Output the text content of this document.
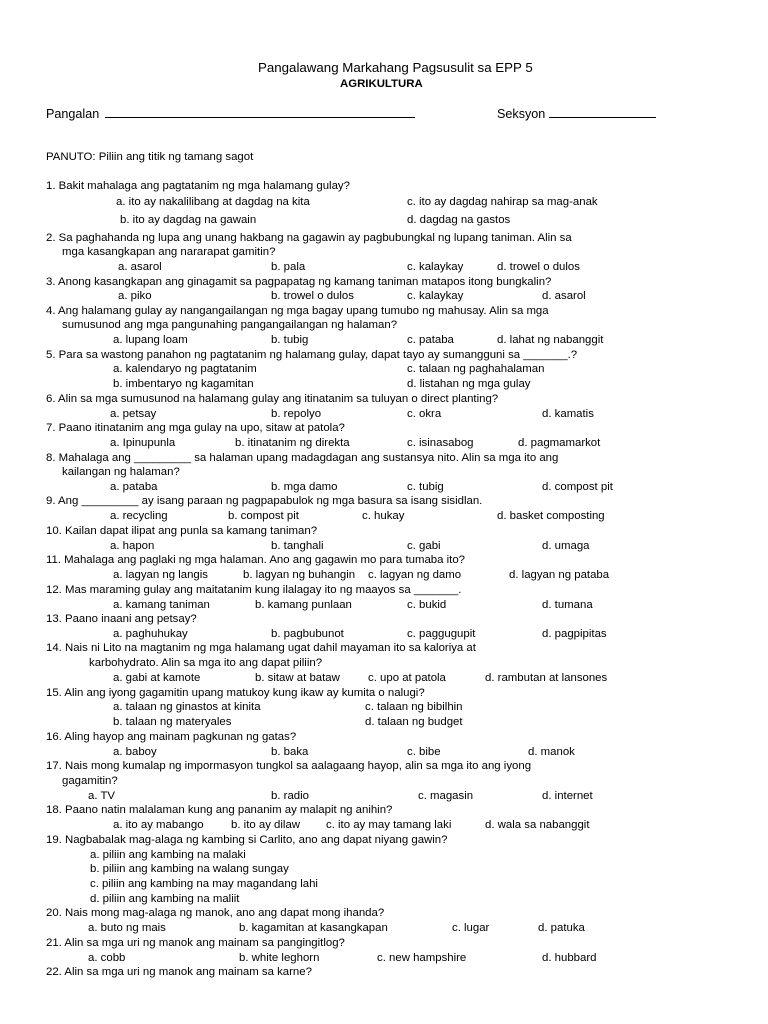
Pangalawang Markahang Pagsusulit sa EPP 5
AGRIKULTURA
Pangalan	Seksyon
PANUTO: Piliin ang titik ng tamang sagot
1. Bakit mahalaga ang pagtatanim ng mga halamang gulay?
a. ito ay nakalilibang at dagdag na kita	c. ito ay dagdag nahirap sa mag-anak
b. ito ay dagdag na gawain	d. dagdag na gastos
2. Sa paghahanda ng lupa ang unang hakbang na gagawin ay pagbubungkal ng lupang taniman. Alin sa
mga kasangkapan ang nararapat gamitin?
a. asarol	b. pala	c. kalaykay	d. trowel o dulos
3. Anong kasangkapan ang ginagamit sa pagpapatag ng kamang taniman matapos itong bungkalin?
a. piko	b. trowel o dulos	c. kalaykay	d. asarol
4. Ang halamang gulay ay nangangailangan ng mga bagay upang tumubo ng mahusay. Alin sa mga
sumusunod ang mga pangunahing pangangailangan ng halaman?
a. lupang loam	b. tubig	c. pataba	d. lahat ng nabanggit
5. Para sa wastong panahon ng pagtatanim ng halamang gulay, dapat tayo ay sumangguni sa _______.?
a. kalendaryo ng pagtatanim	c. talaan ng paghahalaman
b. imbentaryo ng kagamitan	d. listahan ng mga gulay
6. Alin sa mga sumusunod na halamang gulay ang itinatanim sa tuluyan o direct planting?
a. petsay	b. repolyo	c. okra	d. kamatis
7. Paano itinatanim ang mga gulay na upo, sitaw at patola?
a. Ipinupunla	b. itinatanim ng direkta	c. isinasabog	d. pagmamarkot
8. Mahalaga ang _________ sa halaman upang madagdagan ang sustansya nito. Alin sa mga ito ang
kailangan ng halaman?
a. pataba	b. mga damo	c. tubig	d. compost pit
9. Ang _________ ay isang paraan ng pagpapabulok ng mga basura sa isang sisidlan.
a. recycling	b. compost pit	c. hukay	d. basket composting
10. Kailan dapat ilipat ang punla sa kamang taniman?
a. hapon	b. tanghali	c. gabi	d. umaga
11. Mahalaga ang paglaki ng mga halaman. Ano ang gagawin mo para tumaba ito?
a. lagyan ng langis	b. lagyan ng buhangin c. lagyan ng damo	d. lagyan ng pataba
12. Mas maraming gulay ang maitatanim kung ilalagay ito ng maayos sa _______.
a. kamang taniman	b. kamang punlaan	c. bukid	d. tumana
13. Paano inaani ang petsay?
a. paghuhukay	b. pagbubunot	c. paggugupit	d. pagpipitas
14. Nais ni Lito na magtanim ng mga halamang ugat dahil mayaman ito sa kaloriya at
karbohydrato. Alin sa mga ito ang dapat piliin?
a. gabi at kamote	b. sitaw at bataw c. upo at patola	d. rambutan at lansones
15. Alin ang iyong gagamitin upang matukoy kung ikaw ay kumita o nalugi?
a. talaan ng ginastos at kinita	c. talaan ng bibilhin
b. talaan ng materyales	d. talaan ng budget
16. Aling hayop ang mainam pagkunan ng gatas?
a. baboy	b. baka	c. bibe	d. manok
17. Nais mong kumalap ng impormasyon tungkol sa aalagaang hayop, alin sa mga ito ang iyong
gagamitin?
a. TV	b. radio	c. magasin	d. internet
18. Paano natin malalaman kung ang pananim ay malapit ng anihin?
a. ito ay mabango b. ito ay dilaw c. ito ay may tamang laki	d. wala sa nabanggit
19. Nagbabalak mag-alaga ng kambing si Carlito, ano ang dapat niyang gawin?
a. piliin ang kambing na malaki
b. piliin ang kambing na walang sungay
c. piliin ang kambing na may magandang lahi
d. piliin ang kambing na maliit
20. Nais mong mag-alaga ng manok, ano ang dapat mong ihanda?
a. buto ng mais	b. kagamitan at kasangkapan	c. lugar	d. patuka
21. Alin sa mga uri ng manok ang mainam sa pangingitlog?
a. cobb	b. white leghorn	c. new hampshire	d. hubbard
22. Alin sa mga uri ng manok ang mainam sa karne?
